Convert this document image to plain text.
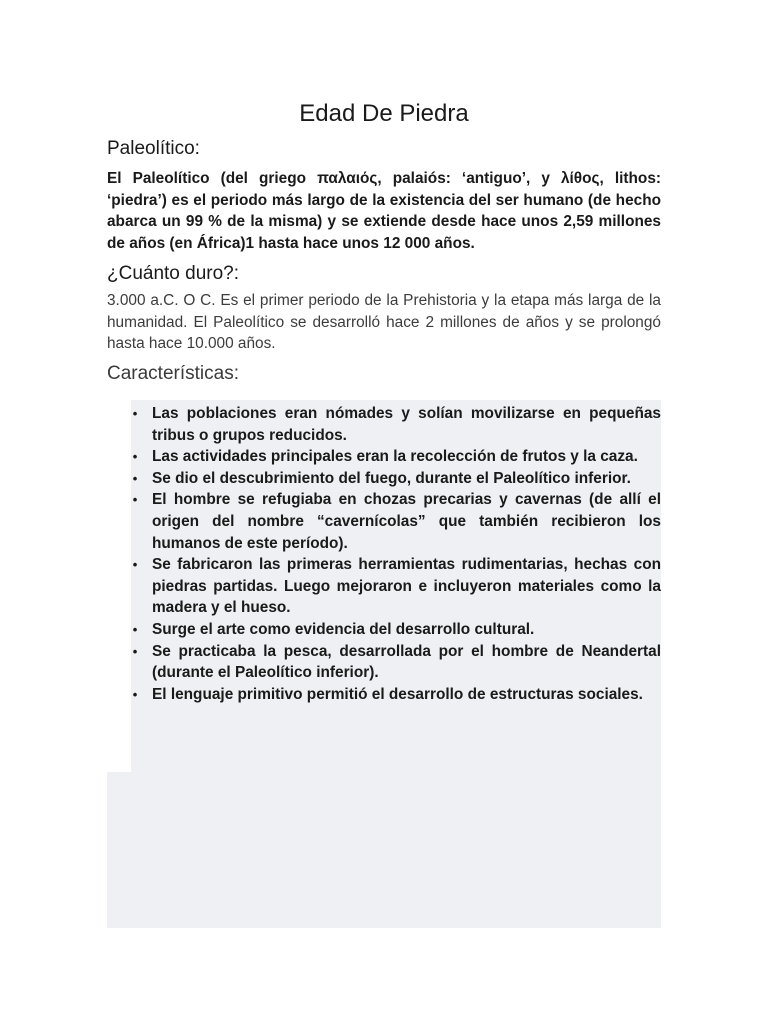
Edad De Piedra
Paleolítico:

El Paleolítico (del griego παλαιός, palaiós: ‘antiguo’, y λίθος, lithos: ‘piedra’) es el periodo más largo de la existencia del ser humano (de hecho abarca un 99 % de la misma) y se extiende desde hace unos 2,59 millones de años (en África)1 hasta hace unos 12 000 años.

¿Cuánto duro?:

3.000 a.C. O C. Es el primer periodo de la Prehistoria y la etapa más larga de la humanidad. El Paleolítico se desarrolló hace 2 millones de años y se prolongó hasta hace 10.000 años.

Características:
• Las poblaciones eran nómades y solían movilizarse en pequeñas tribus o grupos reducidos.
• Las actividades principales eran la recolección de frutos y la caza.
• Se dio el descubrimiento del fuego, durante el Paleolítico inferior.
• El hombre se refugiaba en chozas precarias y cavernas (de allí el origen del nombre “cavernícolas” que también recibieron los humanos de este período).
• Se fabricaron las primeras herramientas rudimentarias, hechas con piedras partidas. Luego mejoraron e incluyeron materiales como la madera y el hueso.
• Surge el arte como evidencia del desarrollo cultural.
• Se practicaba la pesca, desarrollada por el hombre de Neandertal (durante el Paleolítico inferior).
• El lenguaje primitivo permitió el desarrollo de estructuras sociales.
